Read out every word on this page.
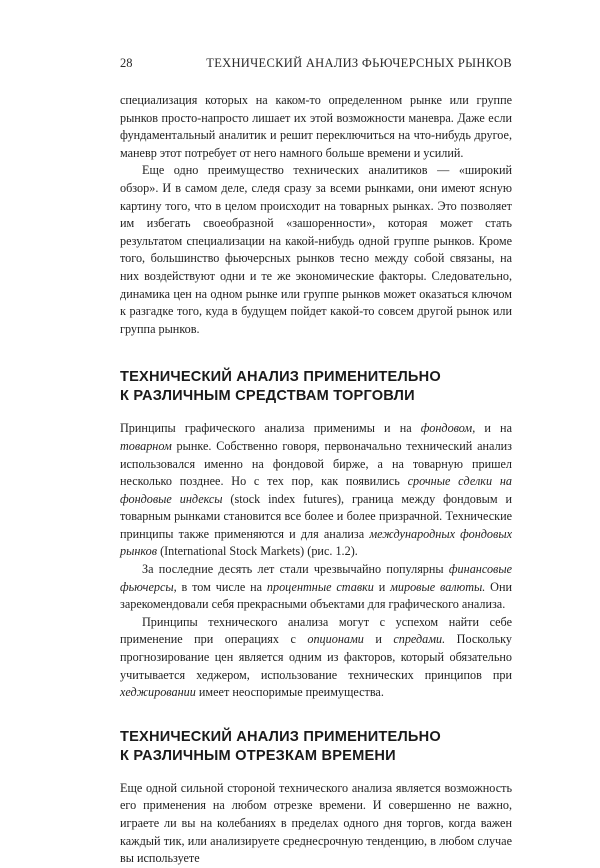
28	ТЕХНИЧЕСКИЙ АНАЛИЗ ФЬЮЧЕРСНЫХ РЫНКОВ

специализация которых на каком-то определенном рынке или группе рынков просто-напросто лишает их этой возможности маневра. Даже если фундаментальный аналитик и решит переключиться на что-нибудь другое, маневр этот потребует от него намного больше времени и усилий.

Еще одно преимущество технических аналитиков — «широкий обзор». И в самом деле, следя сразу за всеми рынками, они имеют ясную картину того, что в целом происходит на товарных рынках. Это позволяет им избегать своеобразной «зашоренности», которая может стать результатом специализации на какой-нибудь одной группе рынков. Кроме того, большинство фьючерсных рынков тесно между собой связаны, на них воздействуют одни и те же экономические факторы. Следовательно, динамика цен на одном рынке или группе рынков может оказаться ключом к разгадке того, куда в будущем пойдет какой-то совсем другой рынок или группа рынков.

ТЕХНИЧЕСКИЙ АНАЛИЗ ПРИМЕНИТЕЛЬНО
К РАЗЛИЧНЫМ СРЕДСТВАМ ТОРГОВЛИ

Принципы графического анализа применимы и на фондовом, и на товарном рынке. Собственно говоря, первоначально технический анализ использовался именно на фондовой бирже, а на товарную пришел несколько позднее. Но с тех пор, как появились срочные сделки на фондовые индексы (stock index futures), граница между фондовым и товарным рынками становится все более и более призрачной. Технические принципы также применяются и для анализа международных фондовых рынков (International Stock Markets) (рис. 1.2).

За последние десять лет стали чрезвычайно популярны финансовые фьючерсы, в том числе на процентные ставки и мировые валюты. Они зарекомендовали себя прекрасными объектами для графического анализа.

Принципы технического анализа могут с успехом найти себе применение при операциях с опционами и спредами. Поскольку прогнозирование цен является одним из факторов, который обязательно учитывается хеджером, использование технических принципов при хеджировании имеет неоспоримые преимущества.

ТЕХНИЧЕСКИЙ АНАЛИЗ ПРИМЕНИТЕЛЬНО
К РАЗЛИЧНЫМ ОТРЕЗКАМ ВРЕМЕНИ

Еще одной сильной стороной технического анализа является возможность его применения на любом отрезке времени. И совершенно не важно, играете ли вы на колебаниях в пределах одного дня торгов, когда важен каждый тик, или анализируете среднесрочную тенденцию, в любом случае вы используете
